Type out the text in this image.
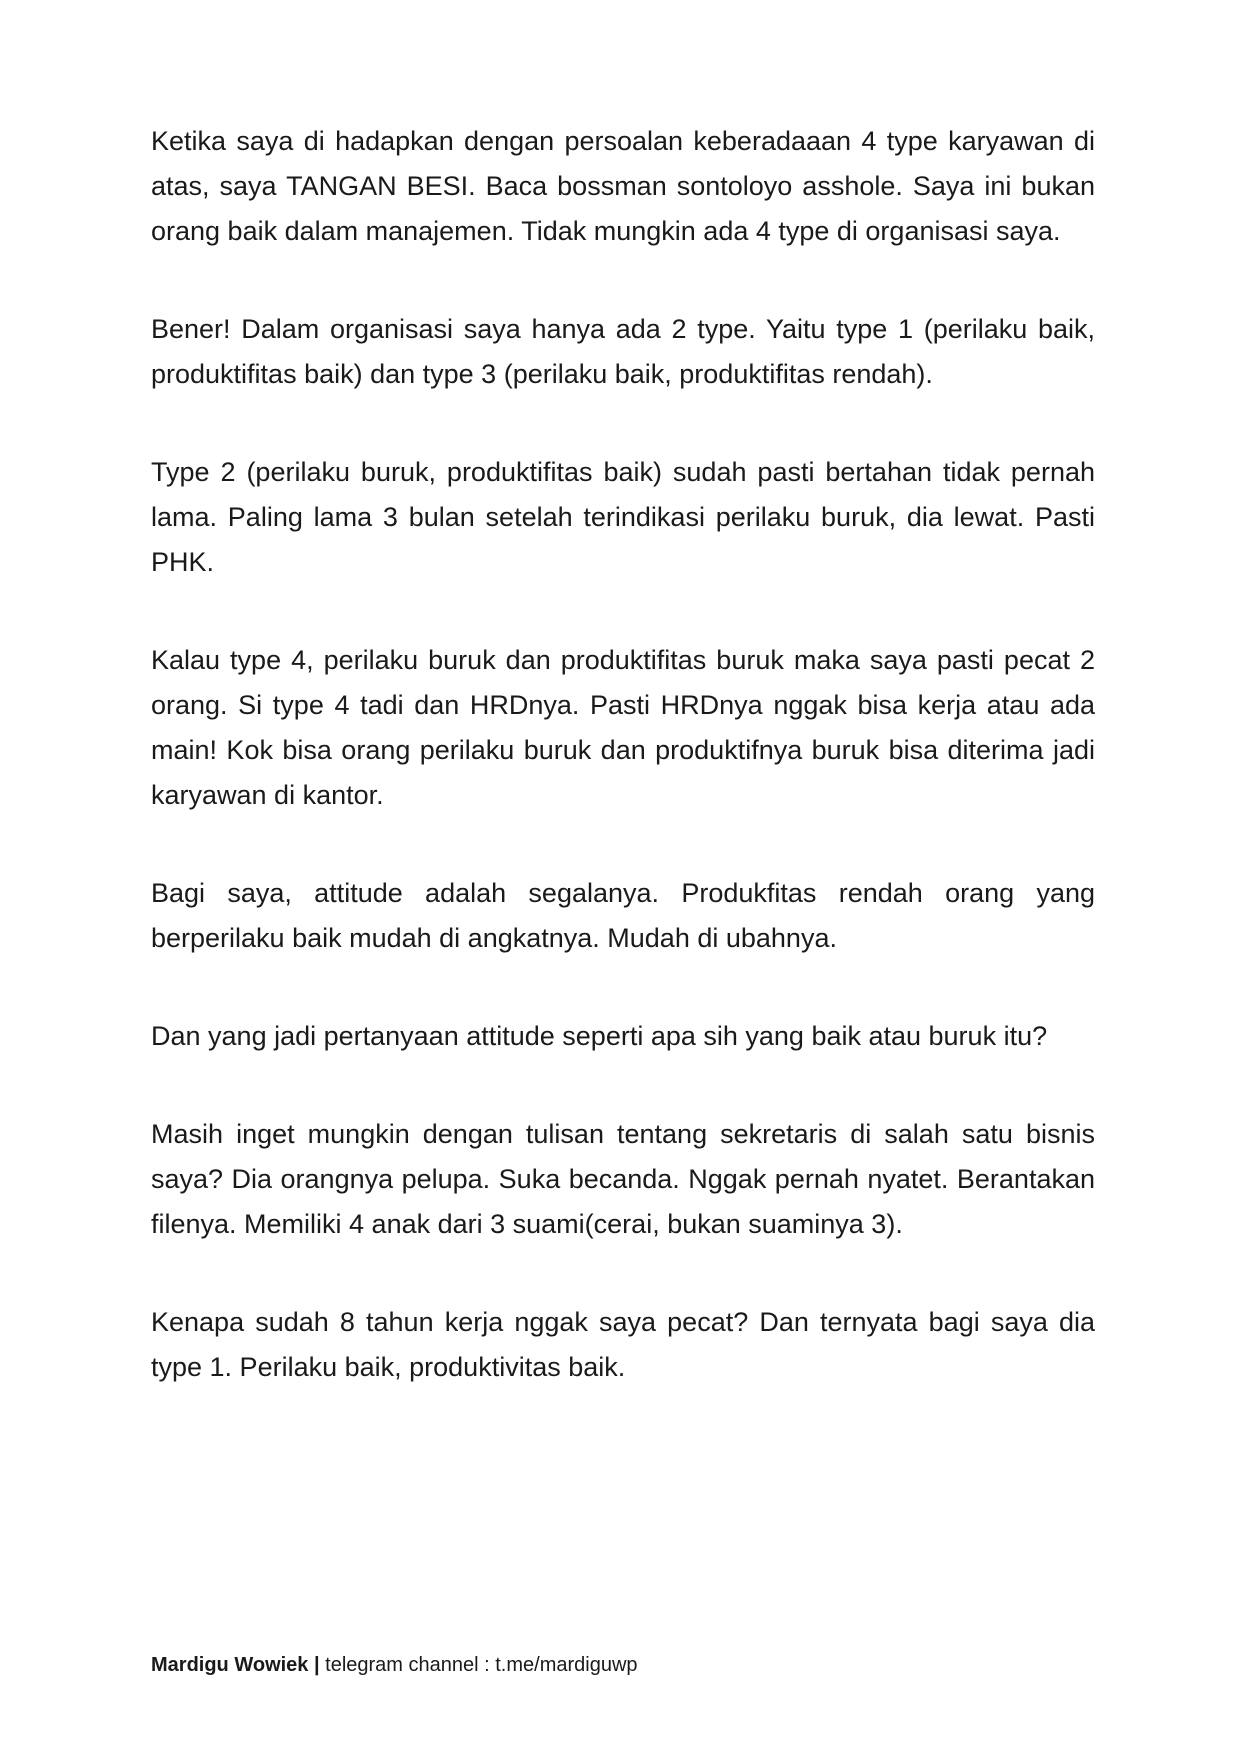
Ketika saya di hadapkan dengan persoalan keberadaaan 4 type karyawan di atas, saya TANGAN BESI. Baca bossman sontoloyo asshole. Saya ini bukan orang baik dalam manajemen. Tidak mungkin ada 4 type di organisasi saya.

Bener! Dalam organisasi saya hanya ada 2 type. Yaitu type 1 (perilaku baik, produktifitas baik) dan type 3 (perilaku baik, produktifitas rendah).

Type 2 (perilaku buruk, produktifitas baik) sudah pasti bertahan tidak pernah lama. Paling lama 3 bulan setelah terindikasi perilaku buruk, dia lewat. Pasti PHK.

Kalau type 4, perilaku buruk dan produktifitas buruk maka saya pasti pecat 2 orang. Si type 4 tadi dan HRDnya. Pasti HRDnya nggak bisa kerja atau ada main! Kok bisa orang perilaku buruk dan produktifnya buruk bisa diterima jadi karyawan di kantor.

Bagi saya, attitude adalah segalanya. Produkfitas rendah orang yang berperilaku baik mudah di angkatnya. Mudah di ubahnya.

Dan yang jadi pertanyaan attitude seperti apa sih yang baik atau buruk itu?

Masih inget mungkin dengan tulisan tentang sekretaris di salah satu bisnis saya? Dia orangnya pelupa. Suka becanda. Nggak pernah nyatet. Berantakan filenya. Memiliki 4 anak dari 3 suami(cerai, bukan suaminya 3).

Kenapa sudah 8 tahun kerja nggak saya pecat? Dan ternyata bagi saya dia type 1. Perilaku baik, produktivitas baik.

Mardigu Wowiek | telegram channel : t.me/mardiguwp
